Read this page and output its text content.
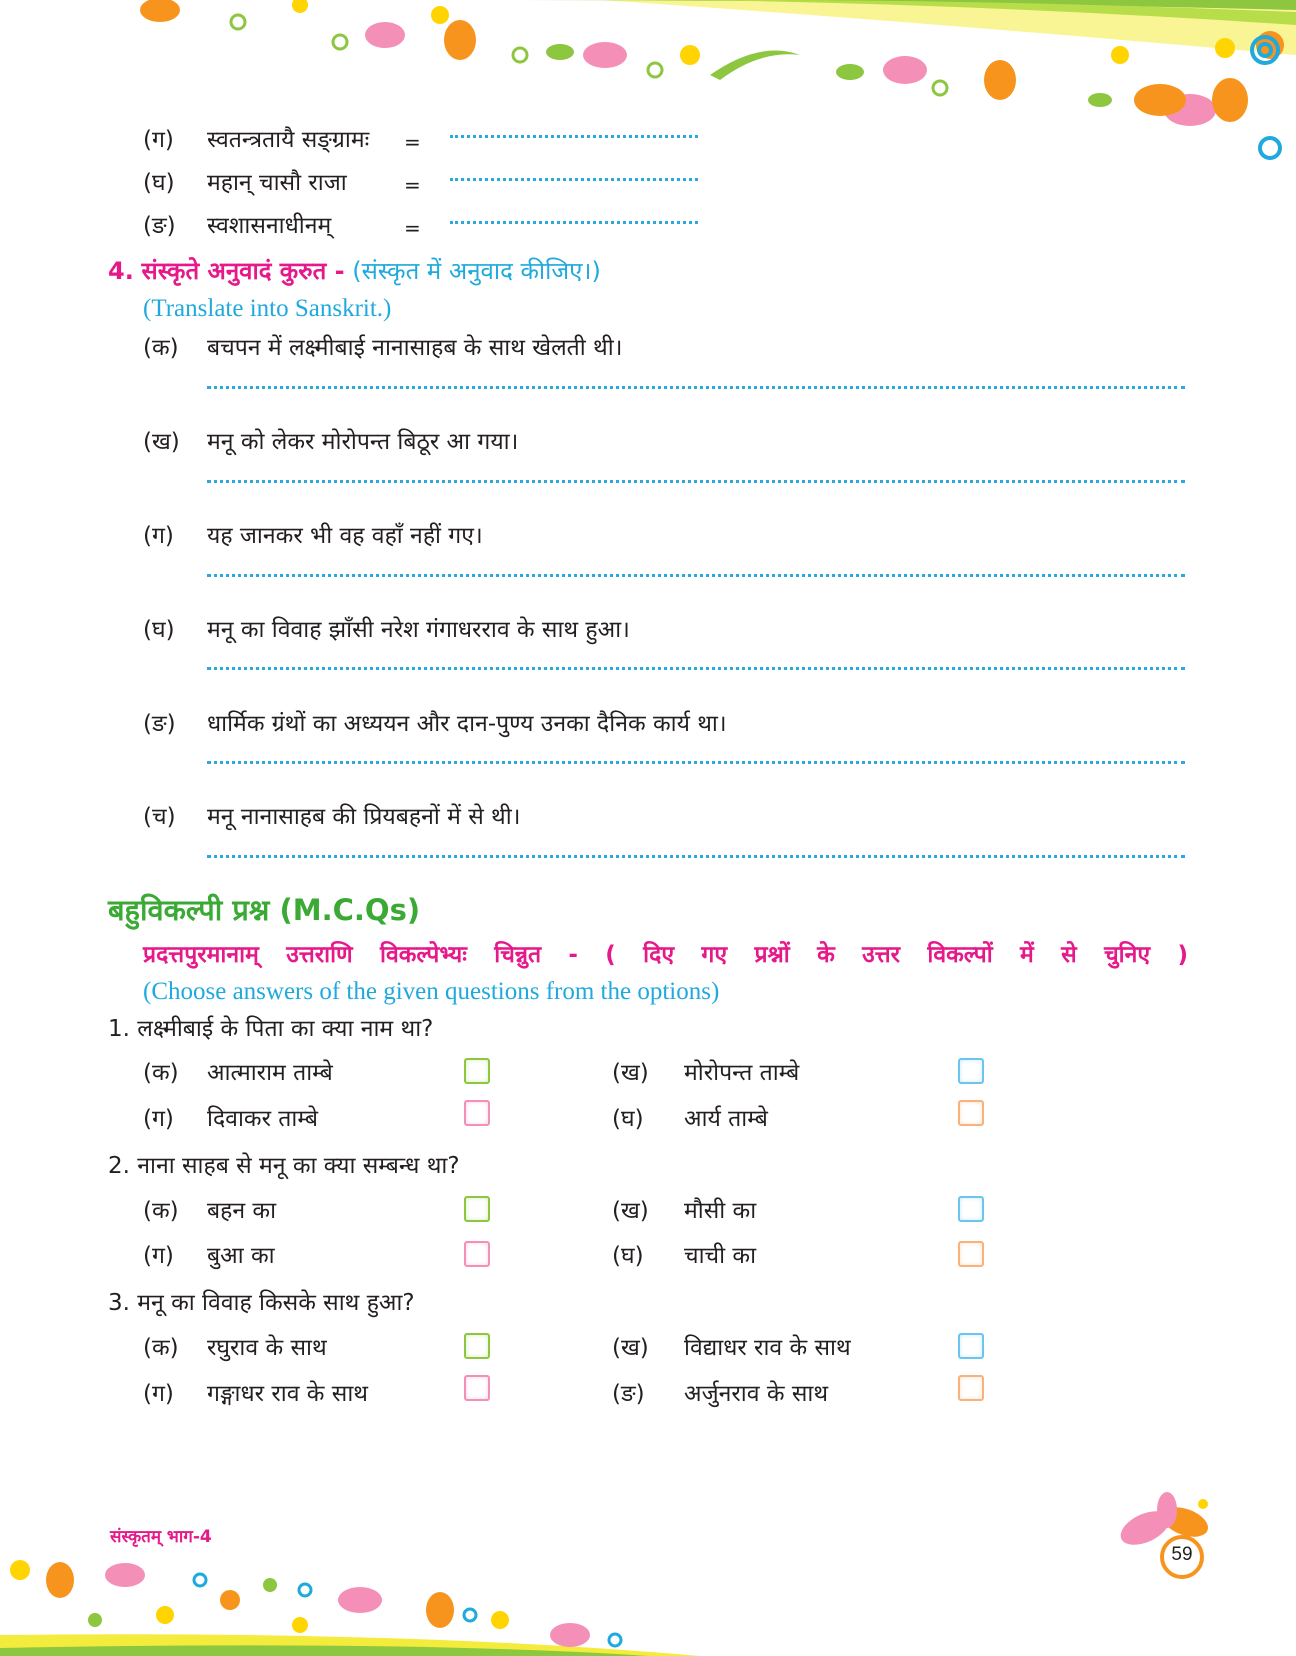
(ग)	स्वतन्त्रतायै सङ्ग्रामः =
(घ)	महान् चासौ राजा	=
(ङ)	स्वशासनाधीनम्	=
4. संस्कृते अनुवादं कुरुत - (संस्कृत में अनुवाद कीजिए।)
(Translate into Sanskrit.)
(क)	बचपन में लक्ष्मीबाई नानासाहब के साथ खेलती थी।
(ख)	मनू को लेकर मोरोपन्त बिठूर आ गया।
(ग)	यह जानकर भी वह वहाँ नहीं गए।
(घ)	मनू का विवाह झाँसी नरेश गंगाधरराव के साथ हुआ।
(ङ)	धार्मिक ग्रंथों का अध्ययन और दान-पुण्य उनका दैनिक कार्य था।
(च)	मनू नानासाहब की प्रियबहनों में से थी।
बहुविकल्पी प्रश्न (M.C.Qs)
प्रदत्तपुरमानाम् उत्तराणि विकल्पेभ्यः चिन्नुत - ( दिए गए प्रश्नों के उत्तर विकल्पों में से चुनिए )
(Choose answers of the given questions from the options)
1. लक्ष्मीबाई के पिता का क्या नाम था?
(क)	आत्माराम ताम्बे	(ख)	मोरोपन्त ताम्बे
(ग)	दिवाकर ताम्बे	(घ)	आर्य ताम्बे
2. नाना साहब से मनू का क्या सम्बन्ध था?
(क)	बहन का	(ख)	मौसी का
(ग)	बुआ का	(घ)	चाची का
3. मनू का विवाह किसके साथ हुआ?
(क)	रघुराव के साथ	(ख)	विद्याधर राव के साथ
(ग)	गङ्गाधर राव के साथ	(ङ)	अर्जुनराव के साथ
संस्कृतम् भाग-4
59
